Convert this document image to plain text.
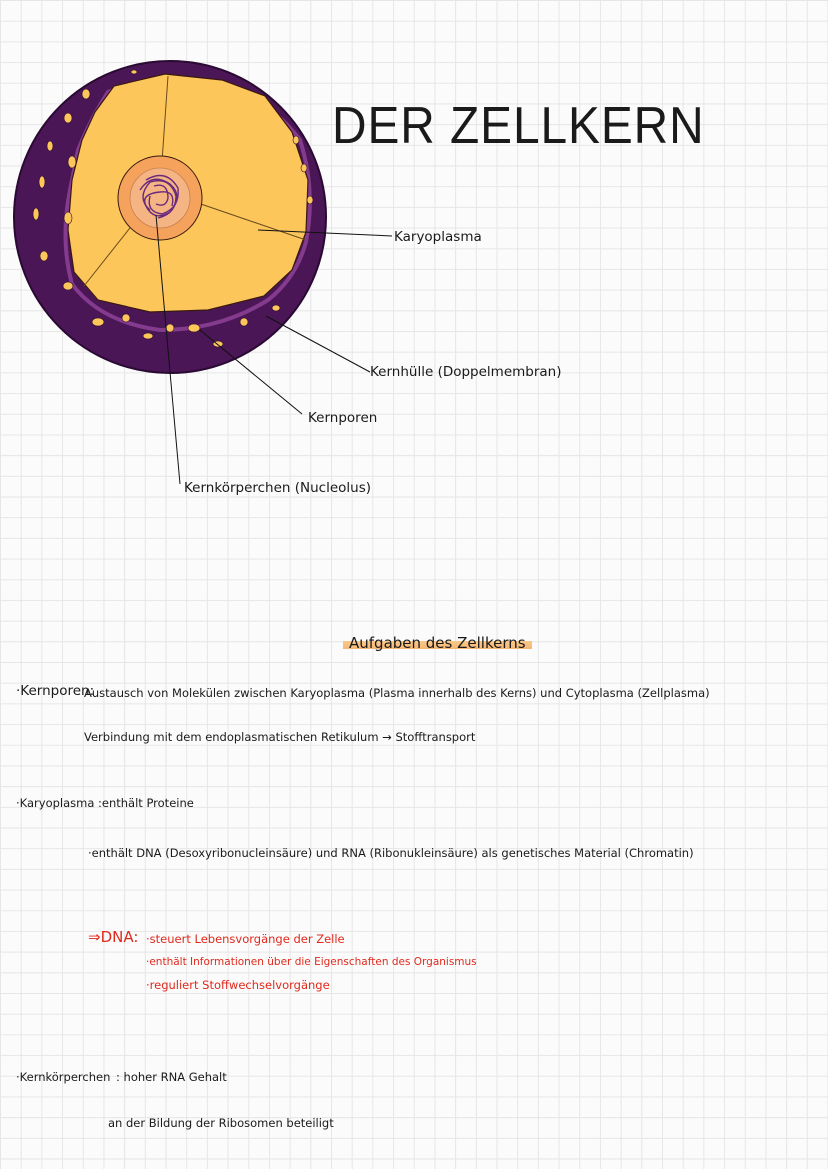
DER ZELLKERN
Karyoplasma
Kernhülle (Doppelmembran)
Kernporen
Kernkörperchen (Nucleolus)
Aufgaben des Zellkerns
·Kernporen:
Austausch von Molekülen zwischen Karyoplasma (Plasma innerhalb des Kerns) und Cytoplasma (Zellplasma)
Verbindung mit dem endoplasmatischen Retikulum → Stofftransport
·Karyoplasma :enthält Proteine
·enthält DNA (Desoxyribonucleinsäure) und RNA (Ribonukleinsäure) als genetisches Material (Chromatin)
⇒DNA: ·steuert Lebensvorgänge der Zelle
·enthält Informationen über die Eigenschaften des Organismus
·reguliert Stoffwechselvorgänge
·Kernkörperchen : hoher RNA Gehalt
an der Bildung der Ribosomen beteiligt
